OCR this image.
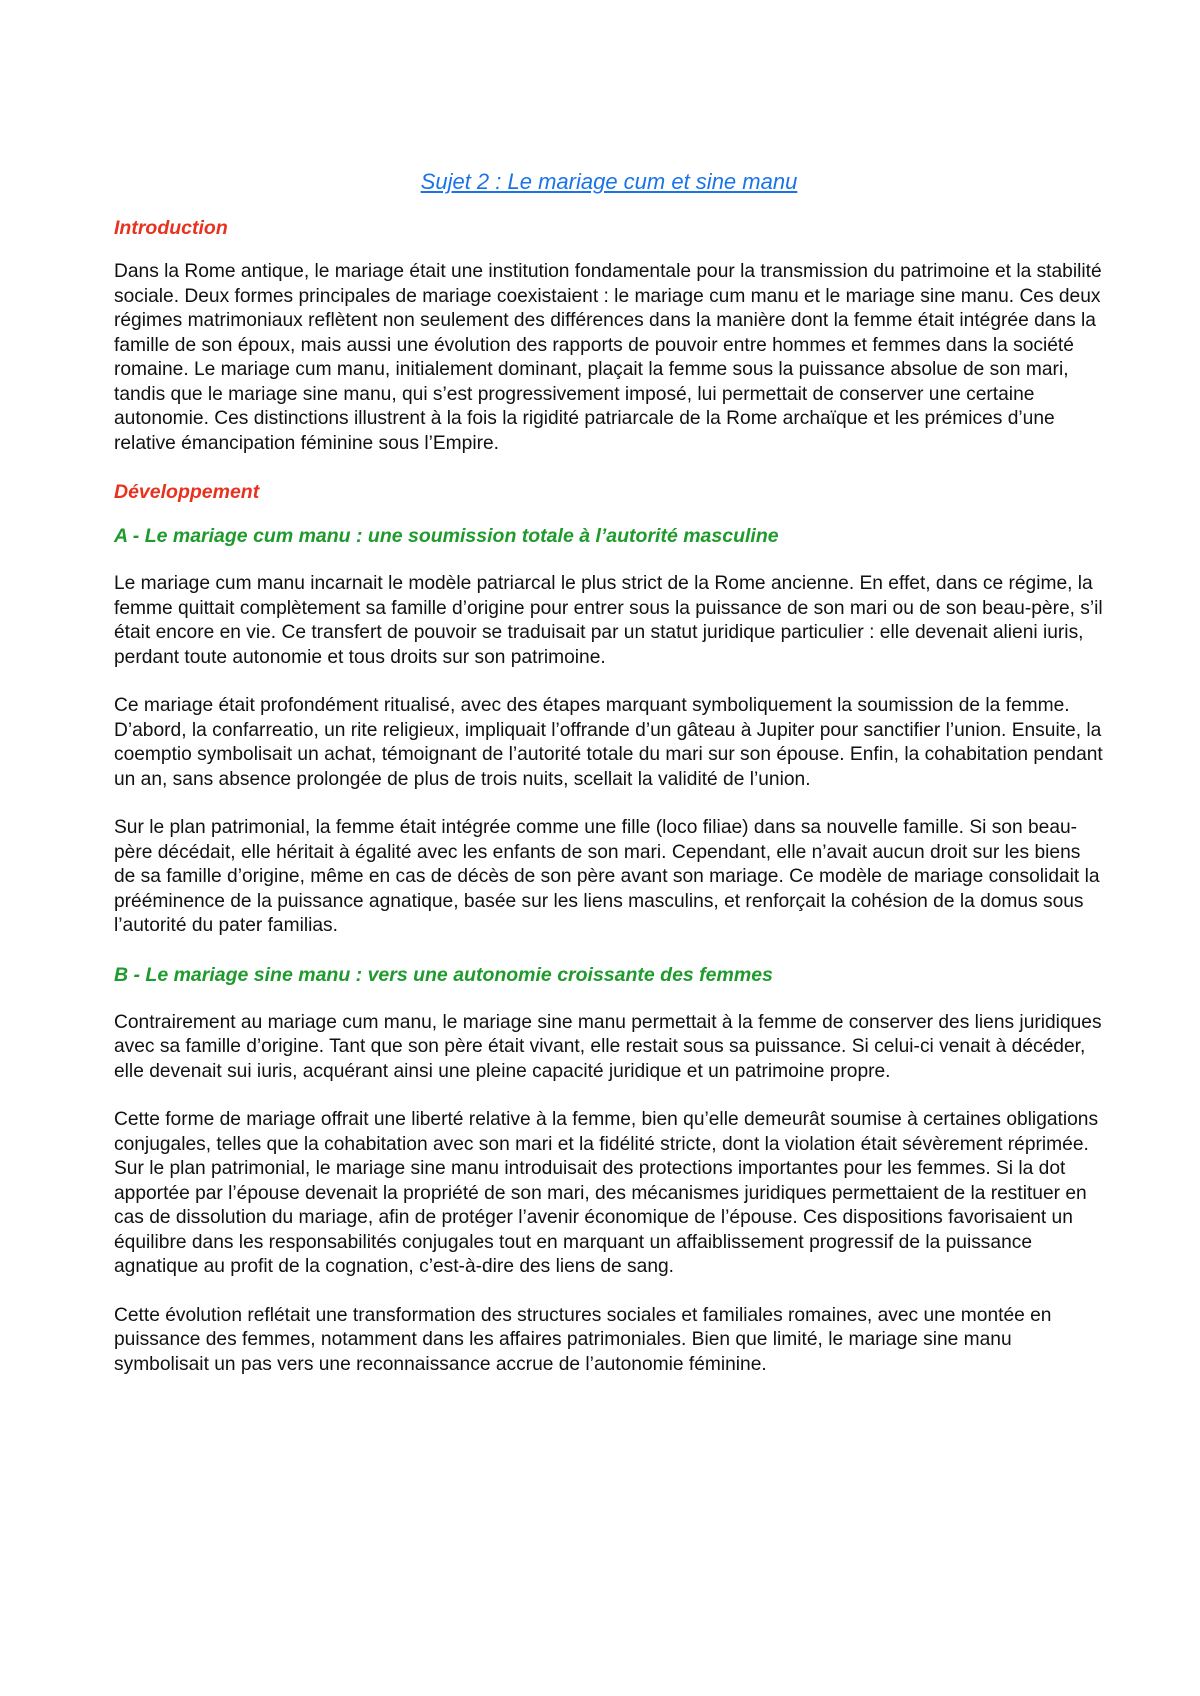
Sujet 2 : Le mariage cum et sine manu
Introduction

Dans la Rome antique, le mariage était une institution fondamentale pour la transmission du patrimoine et la stabilité sociale. Deux formes principales de mariage coexistaient : le mariage cum manu et le mariage sine manu. Ces deux régimes matrimoniaux reflètent non seulement des différences dans la manière dont la femme était intégrée dans la famille de son époux, mais aussi une évolution des rapports de pouvoir entre hommes et femmes dans la société romaine. Le mariage cum manu, initialement dominant, plaçait la femme sous la puissance absolue de son mari, tandis que le mariage sine manu, qui s’est progressivement imposé, lui permettait de conserver une certaine autonomie. Ces distinctions illustrent à la fois la rigidité patriarcale de la Rome archaïque et les prémices d’une relative émancipation féminine sous l’Empire.

Développement
A - Le mariage cum manu : une soumission totale à l’autorité masculine

Le mariage cum manu incarnait le modèle patriarcal le plus strict de la Rome ancienne. En effet, dans ce régime, la femme quittait complètement sa famille d’origine pour entrer sous la puissance de son mari ou de son beau-père, s’il était encore en vie. Ce transfert de pouvoir se traduisait par un statut juridique particulier : elle devenait alieni iuris, perdant toute autonomie et tous droits sur son patrimoine.

Ce mariage était profondément ritualisé, avec des étapes marquant symboliquement la soumission de la femme. D’abord, la confarreatio, un rite religieux, impliquait l’offrande d’un gâteau à Jupiter pour sanctifier l’union. Ensuite, la coemptio symbolisait un achat, témoignant de l’autorité totale du mari sur son épouse. Enfin, la cohabitation pendant un an, sans absence prolongée de plus de trois nuits, scellait la validité de l’union.

Sur le plan patrimonial, la femme était intégrée comme une fille (loco filiae) dans sa nouvelle famille. Si son beau-père décédait, elle héritait à égalité avec les enfants de son mari. Cependant, elle n’avait aucun droit sur les biens de sa famille d’origine, même en cas de décès de son père avant son mariage. Ce modèle de mariage consolidait la prééminence de la puissance agnatique, basée sur les liens masculins, et renforçait la cohésion de la domus sous l’autorité du pater familias.

B - Le mariage sine manu : vers une autonomie croissante des femmes

Contrairement au mariage cum manu, le mariage sine manu permettait à la femme de conserver des liens juridiques avec sa famille d’origine. Tant que son père était vivant, elle restait sous sa puissance. Si celui-ci venait à décéder, elle devenait sui iuris, acquérant ainsi une pleine capacité juridique et un patrimoine propre.

Cette forme de mariage offrait une liberté relative à la femme, bien qu’elle demeurât soumise à certaines obligations conjugales, telles que la cohabitation avec son mari et la fidélité stricte, dont la violation était sévèrement réprimée. Sur le plan patrimonial, le mariage sine manu introduisait des protections importantes pour les femmes. Si la dot apportée par l’épouse devenait la propriété de son mari, des mécanismes juridiques permettaient de la restituer en cas de dissolution du mariage, afin de protéger l’avenir économique de l’épouse. Ces dispositions favorisaient un équilibre dans les responsabilités conjugales tout en marquant un affaiblissement progressif de la puissance agnatique au profit de la cognation, c’est-à-dire des liens de sang.

Cette évolution reflétait une transformation des structures sociales et familiales romaines, avec une montée en puissance des femmes, notamment dans les affaires patrimoniales. Bien que limité, le mariage sine manu symbolisait un pas vers une reconnaissance accrue de l’autonomie féminine.
